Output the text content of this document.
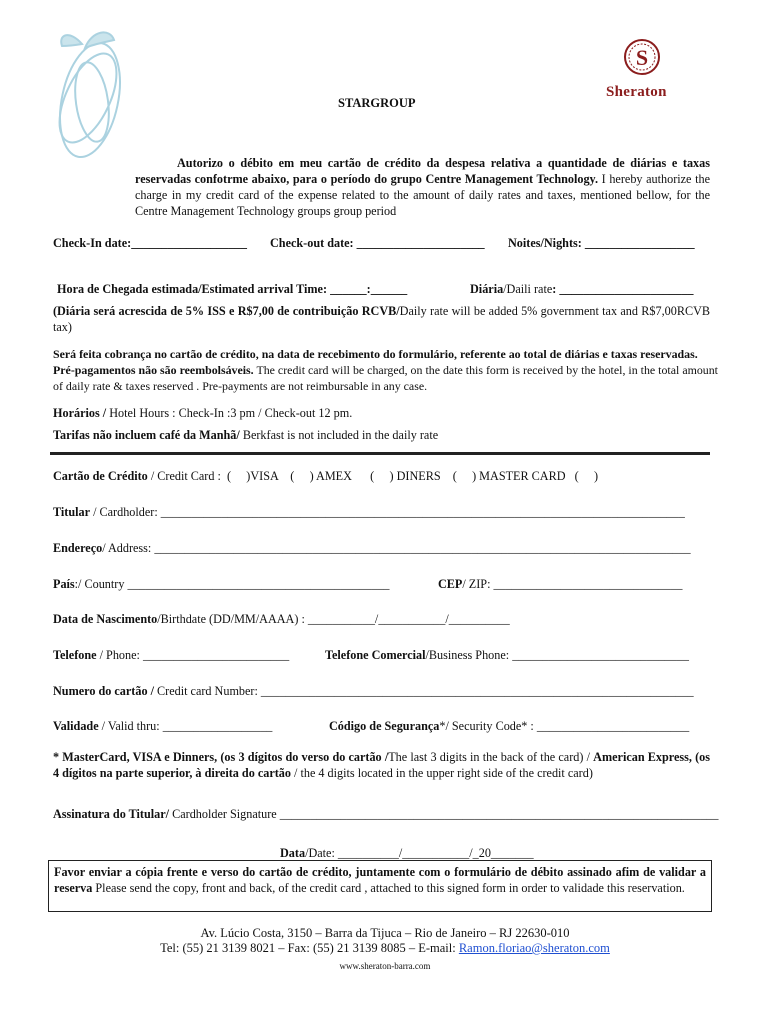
S
Sheraton
STARGROUP
Autorizo o débito em meu cartão de crédito da despesa relativa a quantidade de diárias e taxas reservadas confotrme abaixo, para o período do grupo Centre Management Technology. I hereby authorize the charge in my credit card of the expense related to the amount of daily rates and taxes, mentioned bellow, for the Centre Management Technology groups group period
Check-In date:___________________ Check-out date: _____________________ Noites/Nights: __________________
Hora de Chegada estimada/Estimated arrival Time: ______:______	Diária/Daili rate: ______________________
(Diária será acrescida de 5% ISS e R$7,00 de contribuição RCVB/Daily rate will be added 5% government tax and R$7,00RCVB tax)
Será feita cobrança no cartão de crédito, na data de recebimento do formulário, referente ao total de diárias e taxas reservadas.
Pré-pagamentos não são reembolsáveis. The credit card will be charged, on the date this form is received by the hotel, in the total amount of daily rate & taxes reserved . Pre-payments are not reimbursable in any case.
Horários / Hotel Hours : Check-In :3 pm / Check-out 12 pm.
Tarifas não incluem café da Manhã/ Berkfast is not included in the daily rate
Cartão de Crédito / Credit Card :  (     )VISA    (     ) AMEX      (     ) DINERS    (     ) MASTER CARD   (     )
Titular / Cardholder: ______________________________________________________________________________________
Endereço/ Address: ________________________________________________________________________________________
País:/ Country ___________________________________________	CEP/ ZIP: _______________________________
Data de Nascimento/Birthdate (DD/MM/AAAA) : ___________/___________/__________
Telefone / Phone: ________________________	Telefone Comercial/Business Phone: _____________________________
Numero do cartão / Credit card Number: _______________________________________________________________________
Validade / Valid thru: __________________	Código de Segurança*/ Security Code* : _________________________
* MasterCard, VISA e Dinners, (os 3 dígitos do verso do cartão /The last 3 digits in the back of the card) / American Express, (os 4 dígitos na parte superior, à direita do cartão / the 4 digits located in the upper right side of the credit card)
Assinatura do Titular/ Cardholder Signature ________________________________________________________________________
Data/Date: __________/___________/_20_______
Favor enviar a cópia frente e verso do cartão de crédito, juntamente com o formulário de débito assinado afim de validar a reserva Please send the copy, front and back, of the credit card , attached to this signed form in order to validade this reservation.
Av. Lúcio Costa, 3150 – Barra da Tijuca – Rio de Janeiro – RJ 22630-010
Tel: (55) 21 3139 8021 – Fax: (55) 21 3139 8085 – E-mail: Ramon.floriao@sheraton.com
www.sheraton-barra.com
